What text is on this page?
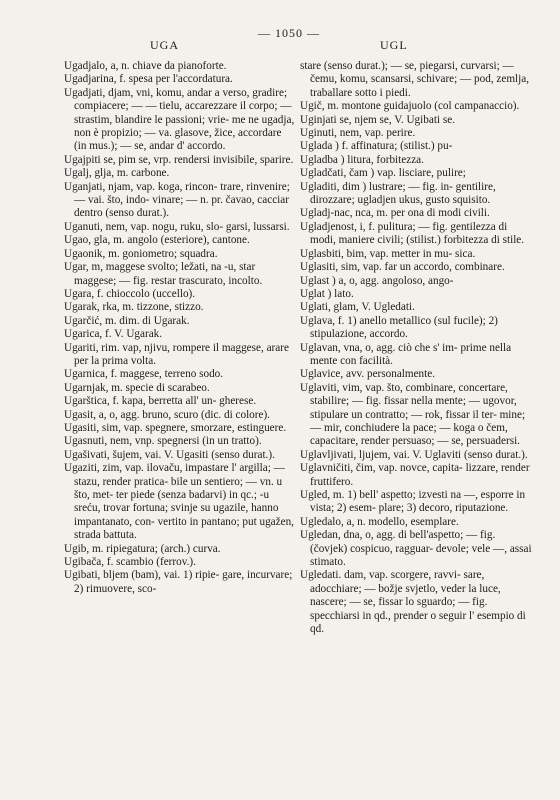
UGA
— 1050 —
UGL

Ugadjalo, a, n. chiave da pianoforte.

Ugadjarina, f. spesa per l'accordatura.

Ugadjati, djam, vni, komu, andar a verso, gradire; compiacere; — — tielu, accarezzare il corpo; — strastim, blandire le passioni; vrie- me ne ugadja, non è propizio; — va. glasove, žice, accordare (in mus.); — se, andar d' accordo.

Ugajpiti se, pim se, vrp. rendersi invisibile, sparire.

Ugalj, glja, m. carbone.

Uganjati, njam, vap. koga, rincon- trare, rinvenire; — vai. što, indo- vinare; — n. pr. čavao, cacciar dentro (senso durat.).

Uganuti, nem, vap. nogu, ruku, slo- garsi, lussarsi.

Ugao, gla, m. angolo (esteriore), cantone.

Ugaonik, m. goniometro; squadra.

Ugar, m, maggese svolto; ležati, na -u, star maggese; — fig. restar trascurato, incolto.

Ugara, f. chioccolo (uccello).

Ugarak, rka, m. tizzone, stizzo.

Ugarčić, m. dim. di Ugarak.

Ugarica, f. V. Ugarak.

Ugariti, rim. vap, njivu, rompere il maggese, arare per la prima volta.

Ugarnica, f. maggese, terreno sodo.

Ugarnjak, m. specie di scarabeo.

Ugarštica, f. kapa, berretta all' un- gherese.

Ugasit, a, o, agg. bruno, scuro (dic. di colore).

Ugasiti, sim, vap. spegnere, smorzare, estinguere.

Ugasnuti, nem, vnp. spegnersi (in un tratto).

Ugašivati, šujem, vai. V. Ugasiti (senso durat.).

Ugaziti, zim, vap. ilovaču, impastare l' argilla; — stazu, render pratica- bile un sentiero; — vn. u što, met- ter piede (senza badarvi) in qc.; -u sreću, trovar fortuna; svinje su ugazile, hanno impantanato, con- vertito in pantano; put ugažen, strada battuta.

Ugib, m. ripiegatura; (arch.) curva.

Ugibača, f. scambio (ferrov.).

Ugibati, bljem (bam), vai. 1) ripie- gare, incurvare; 2) rimuovere, sco-

stare (senso durat.); — se, piegarsi, curvarsi; — čemu, komu, scansarsi, schivare; — pod, zemlja, traballare sotto i piedi.

Ugič, m. montone guidajuolo (col campanaccio).

Uginjati se, njem se, V. Ugibati se.

Uginuti, nem, vap. perire.

Uglada ) f. affinatura; (stilist.) pu-

Ugladba ) litura, forbitezza.

Ugladčati, čam ) vap. lisciare, pulire;

Ugladiti, dim ) lustrare; — fig. in- gentilire, dirozzare; ugladjen ukus, gusto squisito.

Ugladj-nac, nca, m. per ona di modi civili.

Ugladjenost, i, f. pulitura; — fig. gentilezza di modi, maniere civili; (stilist.) forbitezza di stile.

Uglasbiti, bim, vap. metter in mu- sica.

Uglasiti, sim, vap. far un accordo, combinare.

Uglast ) a, o, agg. angoloso, ango-

Uglat ) lato.

Uglati, glam, V. Ugledati.

Uglava, f. 1) anello metallico (sul fucile); 2) stipulazione, accordo.

Uglavan, vna, o, agg. ciò che s' im- prime nella mente con facilità.

Uglavice, avv. personalmente.

Uglaviti, vim, vap. što, combinare, concertare, stabilire; — fig. fissar nella mente; — ugovor, stipulare un contratto; — rok, fissar il ter- mine; — mir, conchiudere la pace; — koga o čem, capacitare, render persuaso; — se, persuadersi.

Uglavljivati, ljujem, vai. V. Uglaviti (senso durat.).

Uglavničiti, čim, vap. novce, capita- lizzare, render fruttifero.

Ugled, m. 1) bell' aspetto; izvesti na —, esporre in vista; 2) esem- plare; 3) decoro, riputazione.

Ugledalo, a, n. modello, esemplare.

Ugledan, dna, o, agg. di bell'aspetto; — fig. (čovjek) cospicuo, ragguar- devole; vele —, assai stimato.

Ugledati. dam, vap. scorgere, ravvi- sare, adocchiare; — božje svjetlo, veder la luce, nascere; — se, fissar lo sguardo; — fig. specchiarsi in qd., prender o seguir l' esempio di qd.
